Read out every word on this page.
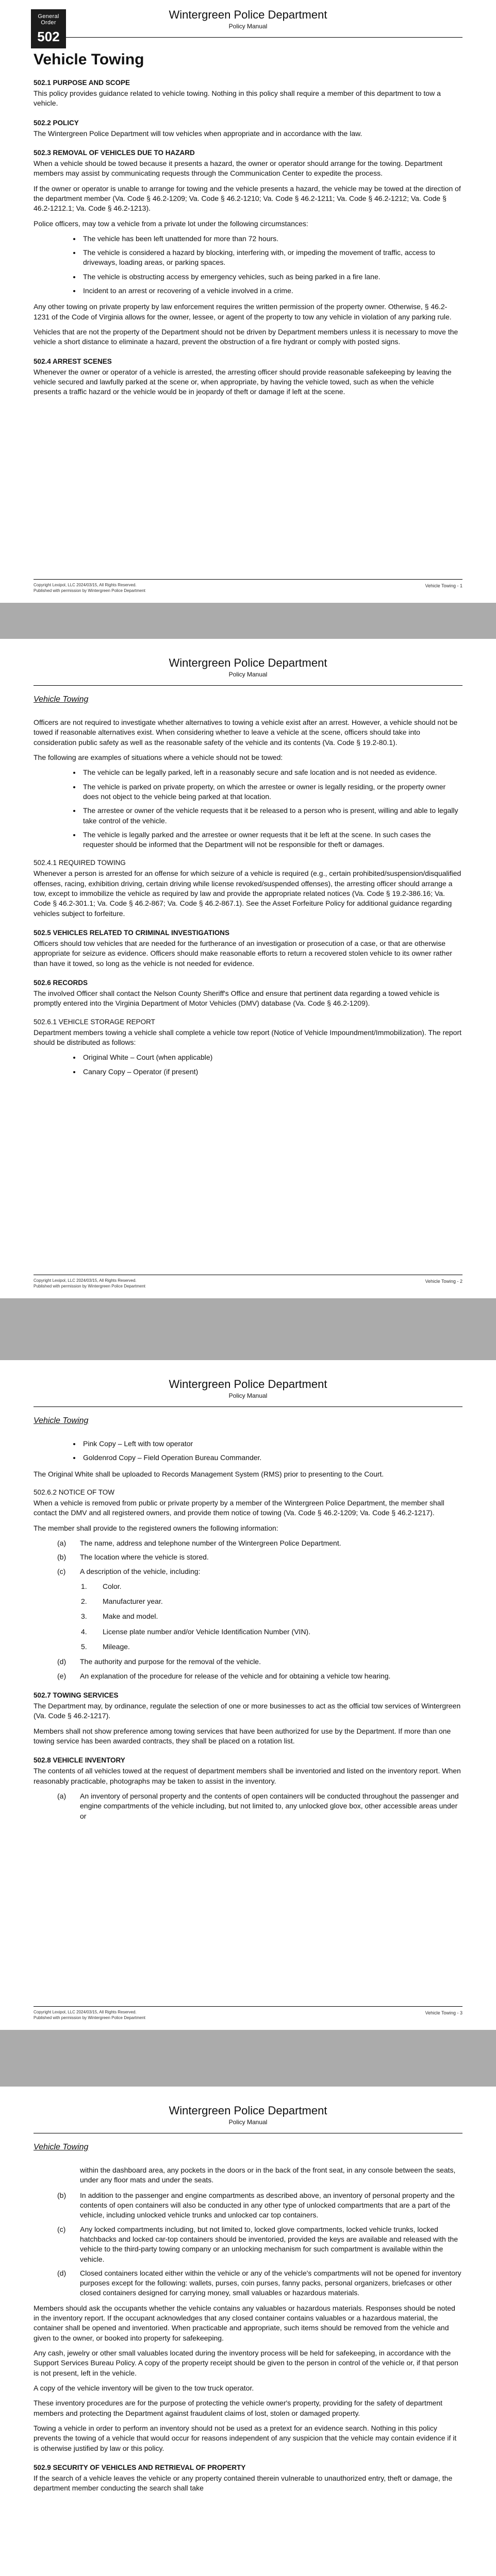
General Order
502
Wintergreen Police Department
Policy Manual
Vehicle Towing
502.1 PURPOSE AND SCOPE

This policy provides guidance related to vehicle towing. Nothing in this policy shall require a member of this department to tow a vehicle.

502.2 POLICY

The Wintergreen Police Department will tow vehicles when appropriate and in accordance with the law.

502.3 REMOVAL OF VEHICLES DUE TO HAZARD

When a vehicle should be towed because it presents a hazard, the owner or operator should arrange for the towing. Department members may assist by communicating requests through the Communication Center to expedite the process.

If the owner or operator is unable to arrange for towing and the vehicle presents a hazard, the vehicle may be towed at the direction of the department member (Va. Code § 46.2-1209; Va. Code § 46.2-1210; Va. Code § 46.2-1211; Va. Code § 46.2-1212; Va. Code § 46.2-1212.1; Va. Code § 46.2-1213).

Police officers, may tow a vehicle from a private lot under the following circumstances:

• The vehicle has been left unattended for more than 72 hours.
• The vehicle is considered a hazard by blocking, interfering with, or impeding the movement of traffic, access to driveways, loading areas, or parking spaces.
• The vehicle is obstructing access by emergency vehicles, such as being parked in a fire lane.
• Incident to an arrest or recovering of a vehicle involved in a crime.

Any other towing on private property by law enforcement requires the written permission of the property owner. Otherwise, § 46.2-1231 of the Code of Virginia allows for the owner, lessee, or agent of the property to tow any vehicle in violation of any parking rule.

Vehicles that are not the property of the Department should not be driven by Department members unless it is necessary to move the vehicle a short distance to eliminate a hazard, prevent the obstruction of a fire hydrant or comply with posted signs.

502.4 ARREST SCENES

Whenever the owner or operator of a vehicle is arrested, the arresting officer should provide reasonable safekeeping by leaving the vehicle secured and lawfully parked at the scene or, when appropriate, by having the vehicle towed, such as when the vehicle presents a traffic hazard or the vehicle would be in jeopardy of theft or damage if left at the scene.

Copyright Lexipol, LLC 2024/03/15, All Rights Reserved.
Published with permission by Wintergreen Police Department
Vehicle Towing - 1
Wintergreen Police Department
Policy Manual
Vehicle Towing

Officers are not required to investigate whether alternatives to towing a vehicle exist after an arrest. However, a vehicle should not be towed if reasonable alternatives exist. When considering whether to leave a vehicle at the scene, officers should take into consideration public safety as well as the reasonable safety of the vehicle and its contents (Va. Code § 19.2-80.1).

The following are examples of situations where a vehicle should not be towed:

• The vehicle can be legally parked, left in a reasonably secure and safe location and is not needed as evidence.
• The vehicle is parked on private property, on which the arrestee or owner is legally residing, or the property owner does not object to the vehicle being parked at that location.
• The arrestee or owner of the vehicle requests that it be released to a person who is present, willing and able to legally take control of the vehicle.
• The vehicle is legally parked and the arrestee or owner requests that it be left at the scene. In such cases the requester should be informed that the Department will not be responsible for theft or damages.
502.4.1 REQUIRED TOWING

Whenever a person is arrested for an offense for which seizure of a vehicle is required (e.g., certain prohibited/suspension/disqualified offenses, racing, exhibition driving, certain driving while license revoked/suspended offenses), the arresting officer should arrange a tow, except to immobilize the vehicle as required by law and provide the appropriate related notices (Va. Code § 19.2-386.16; Va. Code § 46.2-301.1; Va. Code § 46.2-867; Va. Code § 46.2-867.1). See the Asset Forfeiture Policy for additional guidance regarding vehicles subject to forfeiture.

502.5 VEHICLES RELATED TO CRIMINAL INVESTIGATIONS

Officers should tow vehicles that are needed for the furtherance of an investigation or prosecution of a case, or that are otherwise appropriate for seizure as evidence. Officers should make reasonable efforts to return a recovered stolen vehicle to its owner rather than have it towed, so long as the vehicle is not needed for evidence.

502.6 RECORDS

The involved Officer shall contact the Nelson County Sheriff's Office and ensure that pertinent data regarding a towed vehicle is promptly entered into the Virginia Department of Motor Vehicles (DMV) database (Va. Code § 46.2-1209).

502.6.1 VEHICLE STORAGE REPORT

Department members towing a vehicle shall complete a vehicle tow report (Notice of Vehicle Impoundment/Immobilization). The report should be distributed as follows:

• Original White – Court (when applicable)
• Canary Copy – Operator (if present)
Copyright Lexipol, LLC 2024/03/15, All Rights Reserved.
Published with permission by Wintergreen Police Department
Vehicle Towing - 2
Wintergreen Police Department
Policy Manual
Vehicle Towing
• Pink Copy – Left with tow operator
• Goldenrod Copy – Field Operation Bureau Commander.

The Original White shall be uploaded to Records Management System (RMS) prior to presenting to the Court.

502.6.2 NOTICE OF TOW

When a vehicle is removed from public or private property by a member of the Wintergreen Police Department, the member shall contact the DMV and all registered owners, and provide them notice of towing (Va. Code § 46.2-1209; Va. Code § 46.2-1217).

The member shall provide to the registered owners the following information:

(a) The name, address and telephone number of the Wintergreen Police Department.
(b) The location where the vehicle is stored.
(c) A description of the vehicle, including:
1. Color.
2. Manufacturer year.
3. Make and model.
4. License plate number and/or Vehicle Identification Number (VIN).
5. Mileage.
(d) The authority and purpose for the removal of the vehicle.
(e) An explanation of the procedure for release of the vehicle and for obtaining a vehicle tow hearing.
502.7 TOWING SERVICES

The Department may, by ordinance, regulate the selection of one or more businesses to act as the official tow services of Wintergreen (Va. Code § 46.2-1217).

Members shall not show preference among towing services that have been authorized for use by the Department. If more than one towing service has been awarded contracts, they shall be placed on a rotation list.

502.8 VEHICLE INVENTORY

The contents of all vehicles towed at the request of department members shall be inventoried and listed on the inventory report. When reasonably practicable, photographs may be taken to assist in the inventory.

(a) An inventory of personal property and the contents of open containers will be conducted throughout the passenger and engine compartments of the vehicle including, but not limited to, any unlocked glove box, other accessible areas under or
Copyright Lexipol, LLC 2024/03/15, All Rights Reserved.
Published with permission by Wintergreen Police Department
Vehicle Towing - 3
Wintergreen Police Department
Policy Manual
Vehicle Towing

within the dashboard area, any pockets in the doors or in the back of the front seat, in any console between the seats, under any floor mats and under the seats.

(b) In addition to the passenger and engine compartments as described above, an inventory of personal property and the contents of open containers will also be conducted in any other type of unlocked compartments that are a part of the vehicle, including unlocked vehicle trunks and unlocked car top containers.
(c) Any locked compartments including, but not limited to, locked glove compartments, locked vehicle trunks, locked hatchbacks and locked car-top containers should be inventoried, provided the keys are available and released with the vehicle to the third-party towing company or an unlocking mechanism for such compartment is available within the vehicle.
(d) Closed containers located either within the vehicle or any of the vehicle's compartments will not be opened for inventory purposes except for the following: wallets, purses, coin purses, fanny packs, personal organizers, briefcases or other closed containers designed for carrying money, small valuables or hazardous materials.

Members should ask the occupants whether the vehicle contains any valuables or hazardous materials. Responses should be noted in the inventory report. If the occupant acknowledges that any closed container contains valuables or a hazardous material, the container shall be opened and inventoried. When practicable and appropriate, such items should be removed from the vehicle and given to the owner, or booked into property for safekeeping.

Any cash, jewelry or other small valuables located during the inventory process will be held for safekeeping, in accordance with the Support Services Bureau Policy. A copy of the property receipt should be given to the person in control of the vehicle or, if that person is not present, left in the vehicle.

A copy of the vehicle inventory will be given to the tow truck operator.

These inventory procedures are for the purpose of protecting the vehicle owner's property, providing for the safety of department members and protecting the Department against fraudulent claims of lost, stolen or damaged property.

Towing a vehicle in order to perform an inventory should not be used as a pretext for an evidence search. Nothing in this policy prevents the towing of a vehicle that would occur for reasons independent of any suspicion that the vehicle may contain evidence if it is otherwise justified by law or this policy.

502.9 SECURITY OF VEHICLES AND RETRIEVAL OF PROPERTY

If the search of a vehicle leaves the vehicle or any property contained therein vulnerable to unauthorized entry, theft or damage, the department member conducting the search shall take
